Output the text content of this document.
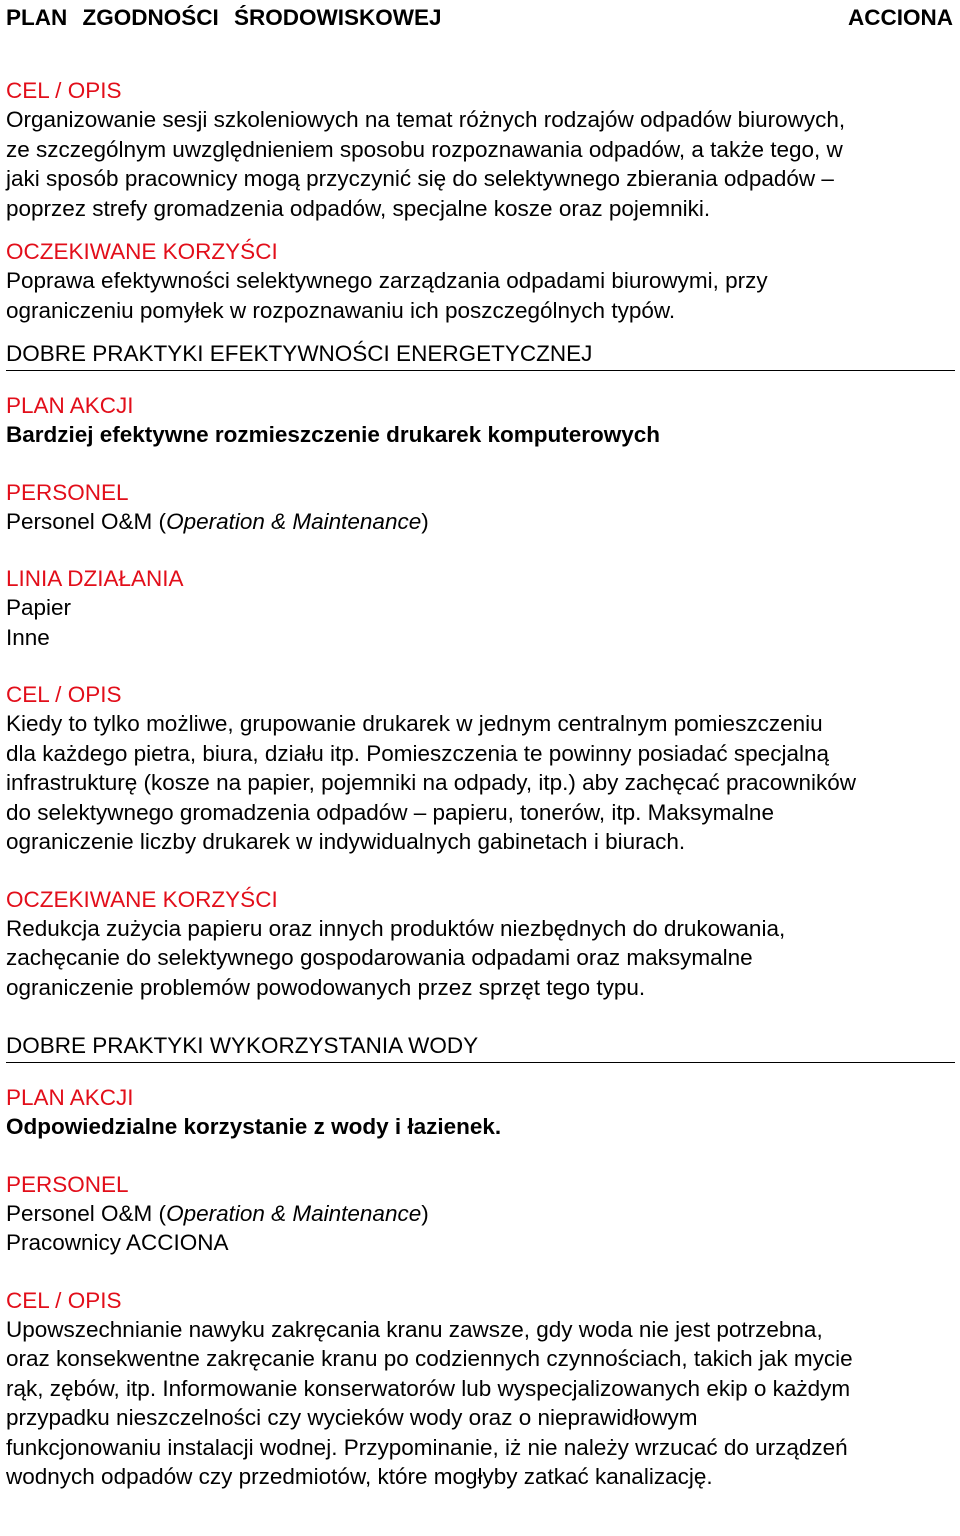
PLAN ZGODNOŚCI ŚRODOWISKOWEJ	ACCIONA

CEL / OPIS

Organizowanie sesji szkoleniowych na temat różnych rodzajów odpadów biurowych,
ze szczególnym uwzględnieniem sposobu rozpoznawania odpadów, a także tego, w
jaki sposób pracownicy mogą przyczynić się do selektywnego zbierania odpadów –
poprzez strefy gromadzenia odpadów, specjalne kosze oraz pojemniki.

OCZEKIWANE KORZYŚCI

Poprawa efektywności selektywnego zarządzania odpadami biurowymi, przy
ograniczeniu pomyłek w rozpoznawaniu ich poszczególnych typów.

DOBRE PRAKTYKI EFEKTYWNOŚCI ENERGETYCZNEJ

PLAN AKCJI

Bardziej efektywne rozmieszczenie drukarek komputerowych

PERSONEL

Personel O&M (Operation & Maintenance)

LINIA DZIAŁANIA

Papier

Inne

CEL / OPIS

Kiedy to tylko możliwe, grupowanie drukarek w jednym centralnym pomieszczeniu
dla każdego pietra, biura, działu itp. Pomieszczenia te powinny posiadać specjalną
infrastrukturę (kosze na papier, pojemniki na odpady, itp.) aby zachęcać pracowników
do selektywnego gromadzenia odpadów – papieru, tonerów, itp. Maksymalne
ograniczenie liczby drukarek w indywidualnych gabinetach i biurach.

OCZEKIWANE KORZYŚCI

Redukcja zużycia papieru oraz innych produktów niezbędnych do drukowania,
zachęcanie do selektywnego gospodarowania odpadami oraz maksymalne
ograniczenie problemów powodowanych przez sprzęt tego typu.

DOBRE PRAKTYKI WYKORZYSTANIA WODY

PLAN AKCJI

Odpowiedzialne korzystanie z wody i łazienek.

PERSONEL

Personel O&M (Operation & Maintenance)

Pracownicy ACCIONA

CEL / OPIS

Upowszechnianie nawyku zakręcania kranu zawsze, gdy woda nie jest potrzebna,
oraz konsekwentne zakręcanie kranu po codziennych czynnościach, takich jak mycie
rąk, zębów, itp. Informowanie konserwatorów lub wyspecjalizowanych ekip o każdym
przypadku nieszczelności czy wycieków wody oraz o nieprawidłowym
funkcjonowaniu instalacji wodnej. Przypominanie, iż nie należy wrzucać do urządzeń
wodnych odpadów czy przedmiotów, które mogłyby zatkać kanalizację.
